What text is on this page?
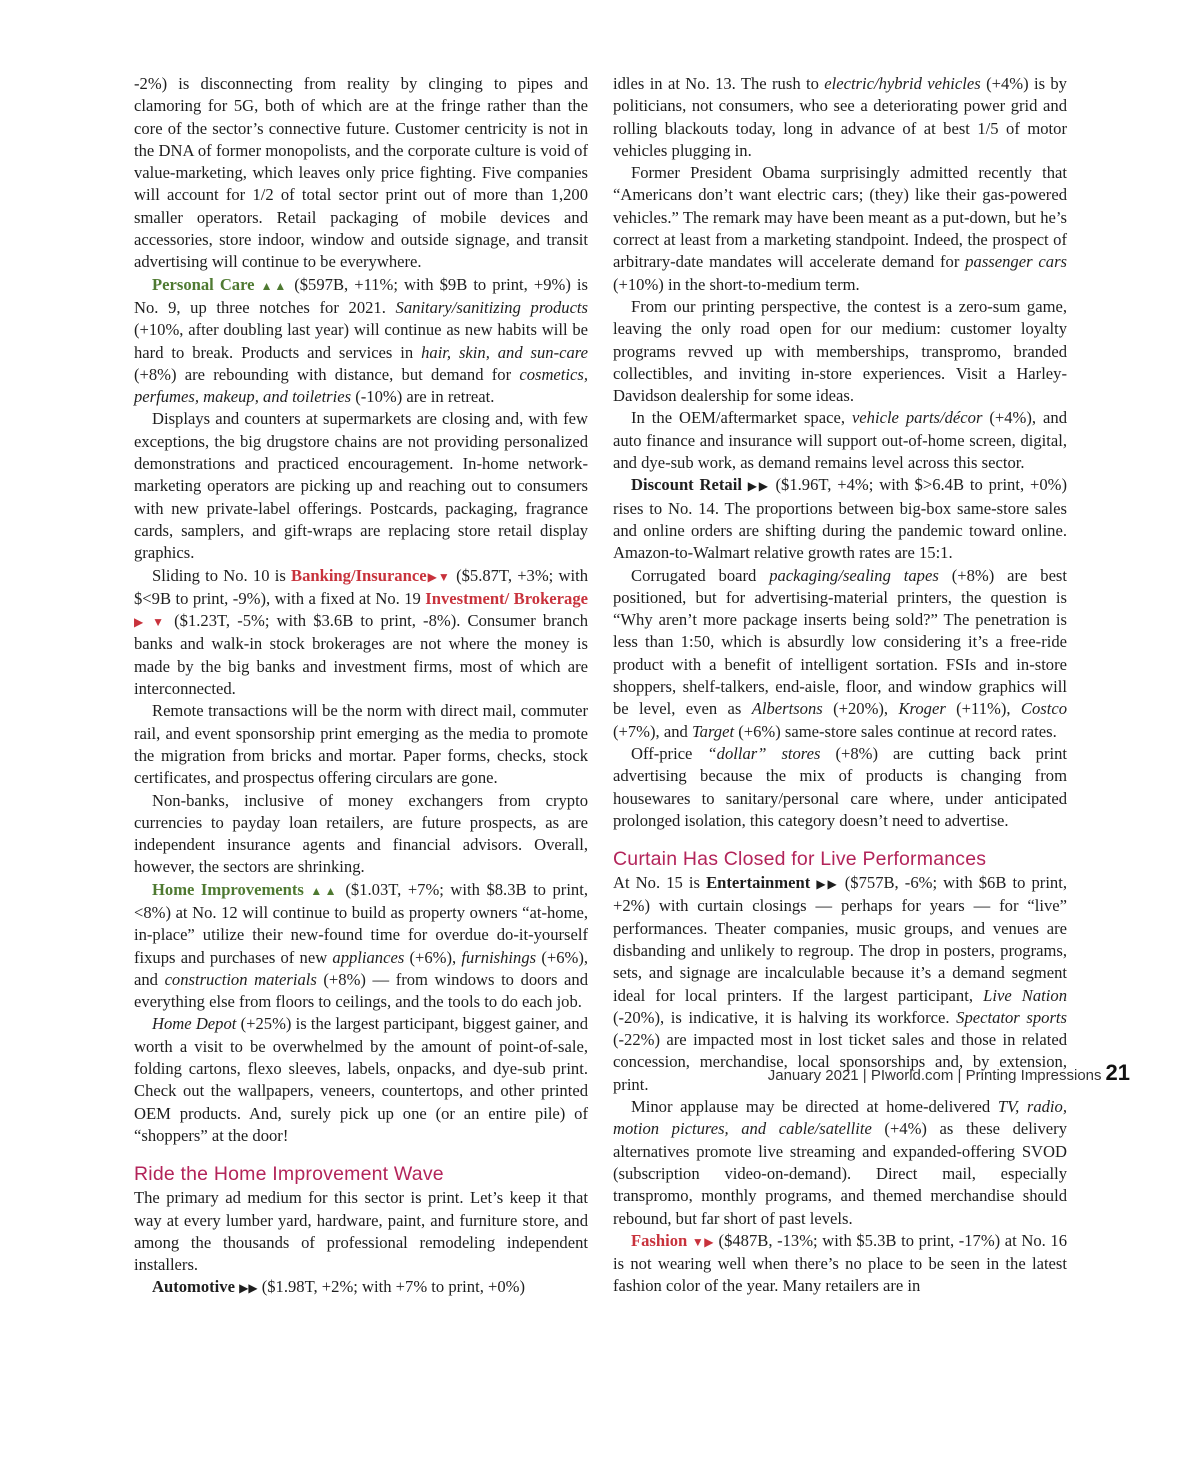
-2%) is disconnecting from reality by clinging to pipes and clamoring for 5G, both of which are at the fringe rather than the core of the sector’s connective future. Customer centricity is not in the DNA of former monopolists, and the corporate culture is void of value-marketing, which leaves only price fighting. Five companies will account for 1/2 of total sector print out of more than 1,200 smaller operators. Retail packaging of mobile devices and accessories, store indoor, window and outside signage, and transit advertising will continue to be everywhere.

Personal Care ▲▲ ($597B, +11%; with $9B to print, +9%) is No. 9, up three notches for 2021. Sanitary/sanitizing products (+10%, after doubling last year) will continue as new habits will be hard to break. Products and services in hair, skin, and sun-care (+8%) are rebounding with distance, but demand for cosmetics, perfumes, makeup, and toiletries (-10%) are in retreat.

Displays and counters at supermarkets are closing and, with few exceptions, the big drugstore chains are not providing personalized demonstrations and practiced encouragement. In-home network-marketing operators are picking up and reaching out to consumers with new private-label offerings. Postcards, packaging, fragrance cards, samplers, and gift-wraps are replacing store retail display graphics.

Sliding to No. 10 is Banking/Insurance▶▼ ($5.87T, +3%; with $<9B to print, -9%), with a fixed at No. 19 Investment/ Brokerage ▶ ▼ ($1.23T, -5%; with $3.6B to print, -8%). Consumer branch banks and walk-in stock brokerages are not where the money is made by the big banks and investment firms, most of which are interconnected.

Remote transactions will be the norm with direct mail, commuter rail, and event sponsorship print emerging as the media to promote the migration from bricks and mortar. Paper forms, checks, stock certificates, and prospectus offering circulars are gone.

Non-banks, inclusive of money exchangers from crypto currencies to payday loan retailers, are future prospects, as are independent insurance agents and financial advisors. Overall, however, the sectors are shrinking.

Home Improvements ▲▲ ($1.03T, +7%; with $8.3B to print, <8%) at No. 12 will continue to build as property owners “at-home, in-place” utilize their new-found time for overdue do-it-yourself fixups and purchases of new appliances (+6%), furnishings (+6%), and construction materials (+8%) — from windows to doors and everything else from floors to ceilings, and the tools to do each job.

Home Depot (+25%) is the largest participant, biggest gainer, and worth a visit to be overwhelmed by the amount of point-of-sale, folding cartons, flexo sleeves, labels, onpacks, and dye-sub print. Check out the wallpapers, veneers, countertops, and other printed OEM products. And, surely pick up one (or an entire pile) of “shoppers” at the door!

Ride the Home Improvement Wave

The primary ad medium for this sector is print. Let’s keep it that way at every lumber yard, hardware, paint, and furniture store, and among the thousands of professional remodeling independent installers.

Automotive ▶▶ ($1.98T, +2%; with +7% to print, +0%)

idles in at No. 13. The rush to electric/hybrid vehicles (+4%) is by politicians, not consumers, who see a deteriorating power grid and rolling blackouts today, long in advance of at best 1/5 of motor vehicles plugging in.

Former President Obama surprisingly admitted recently that “Americans don’t want electric cars; (they) like their gas-powered vehicles.” The remark may have been meant as a put-down, but he’s correct at least from a marketing standpoint. Indeed, the prospect of arbitrary-date mandates will accelerate demand for passenger cars (+10%) in the short-to-medium term.

From our printing perspective, the contest is a zero-sum game, leaving the only road open for our medium: customer loyalty programs revved up with memberships, transpromo, branded collectibles, and inviting in-store experiences. Visit a Harley-Davidson dealership for some ideas.

In the OEM/aftermarket space, vehicle parts/décor (+4%), and auto finance and insurance will support out-of-home screen, digital, and dye-sub work, as demand remains level across this sector.

Discount Retail ▶▶ ($1.96T, +4%; with $>6.4B to print, +0%) rises to No. 14. The proportions between big-box same-store sales and online orders are shifting during the pandemic toward online. Amazon-to-Walmart relative growth rates are 15:1.

Corrugated board packaging/sealing tapes (+8%) are best positioned, but for advertising-material printers, the question is “Why aren’t more package inserts being sold?” The penetration is less than 1:50, which is absurdly low considering it’s a free-ride product with a benefit of intelligent sortation. FSIs and in-store shoppers, shelf-talkers, end-aisle, floor, and window graphics will be level, even as Albertsons (+20%), Kroger (+11%), Costco (+7%), and Target (+6%) same-store sales continue at record rates.

Off-price “dollar” stores (+8%) are cutting back print advertising because the mix of products is changing from housewares to sanitary/personal care where, under anticipated prolonged isolation, this category doesn’t need to advertise.

Curtain Has Closed for Live Performances

At No. 15 is Entertainment ▶▶ ($757B, -6%; with $6B to print, +2%) with curtain closings — perhaps for years — for “live” performances. Theater companies, music groups, and venues are disbanding and unlikely to regroup. The drop in posters, programs, sets, and signage are incalculable because it’s a demand segment ideal for local printers. If the largest participant, Live Nation (-20%), is indicative, it is halving its workforce. Spectator sports (-22%) are impacted most in lost ticket sales and those in related concession, merchandise, local sponsorships and, by extension, print.

Minor applause may be directed at home-delivered TV, radio, motion pictures, and cable/satellite (+4%) as these delivery alternatives promote live streaming and expanded-offering SVOD (subscription video-on-demand). Direct mail, especially transpromo, monthly programs, and themed merchandise should rebound, but far short of past levels.

Fashion ▼▶ ($487B, -13%; with $5.3B to print, -17%) at No. 16 is not wearing well when there’s no place to be seen in the latest fashion color of the year. Many retailers are in

January 2021 | PIworld.com | Printing Impressions 21
